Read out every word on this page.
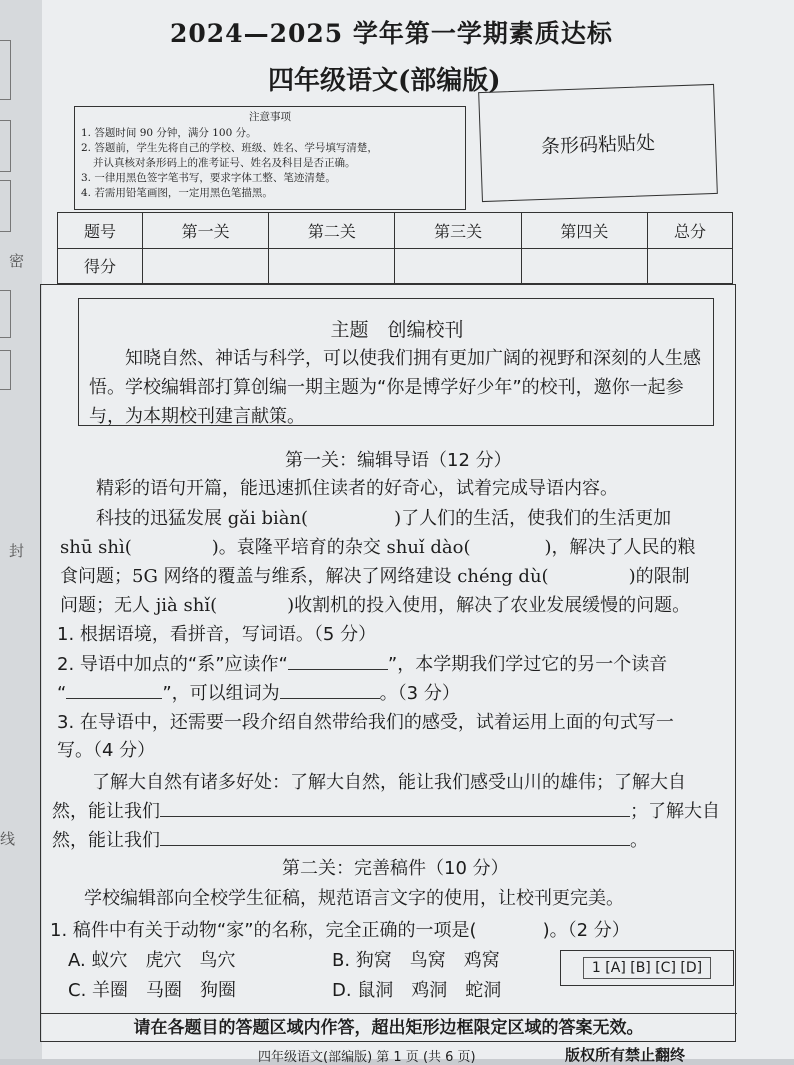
密
封
线
2024—2025 学年第一学期素质达标
四年级语文(部编版)
注意事项
1. 答题时间 90 分钟，满分 100 分。
2. 答题前，学生先将自己的学校、班级、姓名、学号填写清楚，
并认真核对条形码上的准考证号、姓名及科目是否正确。
3. 一律用黑色签字笔书写，要求字体工整、笔迹清楚。
4. 若需用铅笔画图，一定用黑色笔描黑。
条形码粘贴处
题号	第一关	第二关	第三关	第四关	总分
得分					
主题　创编校刊
知晓自然、神话与科学，可以使我们拥有更加广阔的视野和深刻的人生感悟。学校编辑部打算创编一期主题为“你是博学好少年”的校刊，邀你一起参与，为本期校刊建言献策。
第一关：编辑导语（12 分）
精彩的语句开篇，能迅速抓住读者的好奇心，试着完成导语内容。
科技的迅猛发展 gǎi biàn(	)了人们的生活，使我们的生活更加
shū shì(	)。袁隆平培育的杂交 shuǐ dào(	)，解决了人民的粮
食问题；5G 网络的覆盖与维系，解决了网络建设 chéng dù(	)的限制
问题；无人 jià shǐ(	)收割机的投入使用，解决了农业发展缓慢的问题。
1. 根据语境，看拼音，写词语。（5 分）
2. 导语中加点的“系”应读作“	”，本学期我们学过它的另一个读音
“	”，可以组词为	。（3 分）
3. 在导语中，还需要一段介绍自然带给我们的感受，试着运用上面的句式写一
写。（4 分）
了解大自然有诸多好处：了解大自然，能让我们感受山川的雄伟；了解大自
然，能让我们	；了解大自
然，能让我们	。
第二关：完善稿件（10 分）
学校编辑部向全校学生征稿，规范语言文字的使用，让校刊更完美。
1. 稿件中有关于动物“家”的名称，完全正确的一项是(	)。（2 分）
A. 蚁穴　虎穴　鸟穴	B. 狗窝　鸟窝　鸡窝
C. 羊圈　马圈　狗圈	D. 鼠洞　鸡洞　蛇洞
1 [A] [B] [C] [D]
请在各题目的答题区域内作答，超出矩形边框限定区域的答案无效。
四年级语文(部编版) 第 1 页 (共 6 页)	版权所有禁止翻终
